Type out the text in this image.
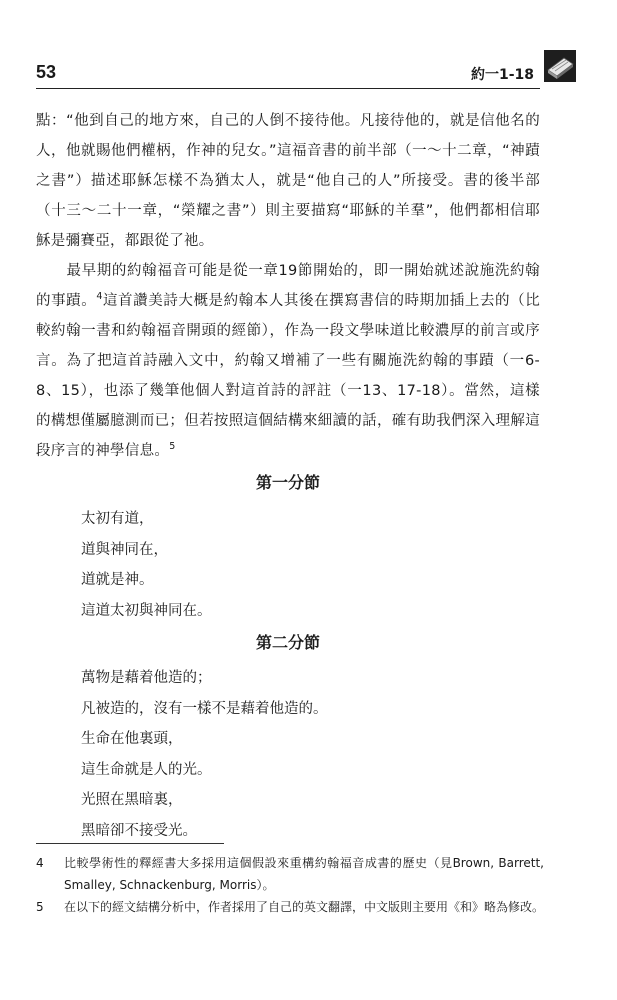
53	約一1-18

點：“他到自己的地方來，自己的人倒不接待他。凡接待他的，就是信他名的人，他就賜他們權柄，作神的兒女。”這福音書的前半部（一～十二章，“神蹟之書”）描述耶穌怎樣不為猶太人，就是“他自己的人”所接受。書的後半部（十三～二十一章，“榮耀之書”）則主要描寫“耶穌的羊羣”，他們都相信耶穌是彌賽亞，都跟從了祂。

最早期的約翰福音可能是從一章19節開始的，即一開始就述說施洗約翰的事蹟。$^4$這首讚美詩大概是約翰本人其後在撰寫書信的時期加插上去的（比較約翰一書和約翰福音開頭的經節），作為一段文學味道比較濃厚的前言或序言。為了把這首詩融入文中，約翰又增補了一些有關施洗約翰的事蹟（一6-8、15），也添了幾筆他個人對這首詩的評註（一13、17-18）。當然，這樣的構想僅屬臆測而已；但若按照這個結構來細讀的話，確有助我們深入理解這段序言的神學信息。$^5$

第一分節
太初有道，
道與神同在，
道就是神。
這道太初與神同在。
第二分節
萬物是藉着他造的；
凡被造的，沒有一樣不是藉着他造的。
生命在他裏頭，
這生命就是人的光。
光照在黑暗裏，
黑暗卻不接受光。
4	比較學術性的釋經書大多採用這個假設來重構約翰福音成書的歷史（見Brown, Barrett, Smalley, Schnackenburg, Morris）。
5	在以下的經文結構分析中，作者採用了自己的英文翻譯，中文版則主要用《和》略為修改。
